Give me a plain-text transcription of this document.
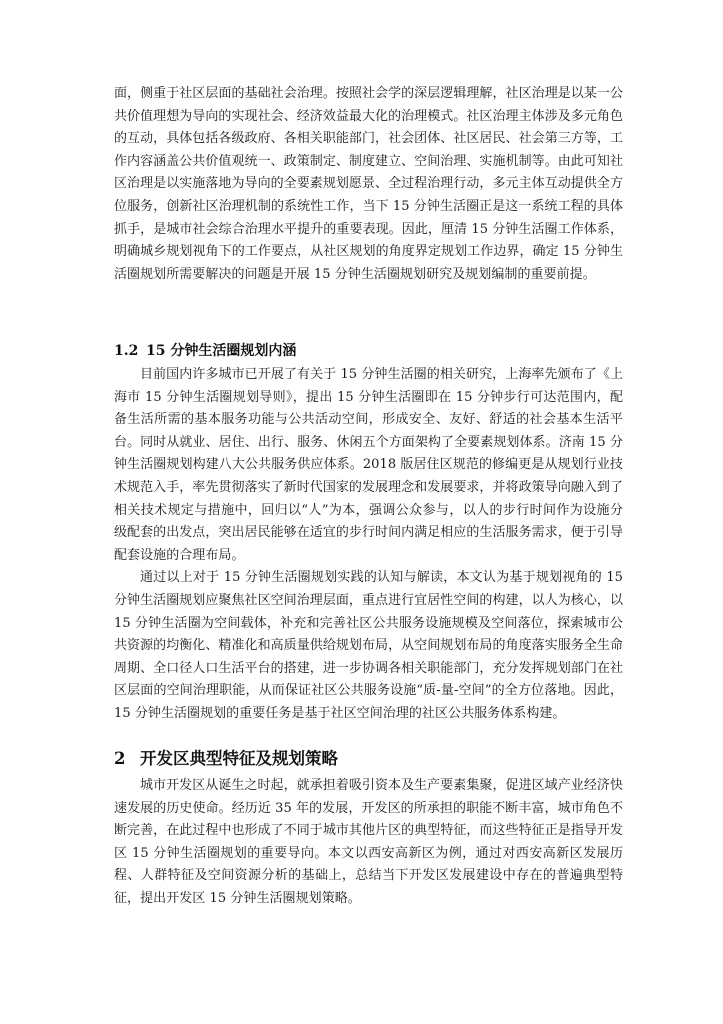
面，侧重于社区层面的基础社会治理。按照社会学的深层逻辑理解，社区治理是以某一公共价值理想为导向的实现社会、经济效益最大化的治理模式。社区治理主体涉及多元角色的互动，具体包括各级政府、各相关职能部门，社会团体、社区居民、社会第三方等，工作内容涵盖公共价值观统一、政策制定、制度建立、空间治理、实施机制等。由此可知社区治理是以实施落地为导向的全要素规划愿景、全过程治理行动，多元主体互动提供全方位服务，创新社区治理机制的系统性工作，当下 15 分钟生活圈正是这一系统工程的具体抓手，是城市社会综合治理水平提升的重要表现。因此，厘清 15 分钟生活圈工作体系，明确城乡规划视角下的工作要点，从社区规划的角度界定规划工作边界，确定 15 分钟生活圈规划所需要解决的问题是开展 15 分钟生活圈规划研究及规划编制的重要前提。

1.2 15 分钟生活圈规划内涵

目前国内许多城市已开展了有关于 15 分钟生活圈的相关研究，上海率先颁布了《上海市 15 分钟生活圈规划导则》，提出 15 分钟生活圈即在 15 分钟步行可达范围内，配备生活所需的基本服务功能与公共活动空间，形成安全、友好、舒适的社会基本生活平台。同时从就业、居住、出行、服务、休闲五个方面架构了全要素规划体系。济南 15 分钟生活圈规划构建八大公共服务供应体系。2018 版居住区规范的修编更是从规划行业技术规范入手，率先贯彻落实了新时代国家的发展理念和发展要求，并将政策导向融入到了相关技术规定与措施中，回归以“人”为本，强调公众参与，以人的步行时间作为设施分级配套的出发点，突出居民能够在适宜的步行时间内满足相应的生活服务需求，便于引导配套设施的合理布局。

通过以上对于 15 分钟生活圈规划实践的认知与解读，本文认为基于规划视角的 15 分钟生活圈规划应聚焦社区空间治理层面，重点进行宜居性空间的构建，以人为核心，以 15 分钟生活圈为空间载体，补充和完善社区公共服务设施规模及空间落位，探索城市公共资源的均衡化、精准化和高质量供给规划布局，从空间规划布局的角度落实服务全生命周期、全口径人口生活平台的搭建，进一步协调各相关职能部门，充分发挥规划部门在社区层面的空间治理职能，从而保证社区公共服务设施“质-量-空间”的全方位落地。因此，15 分钟生活圈规划的重要任务是基于社区空间治理的社区公共服务体系构建。

2 开发区典型特征及规划策略

城市开发区从诞生之时起，就承担着吸引资本及生产要素集聚，促进区域产业经济快速发展的历史使命。经历近 35 年的发展，开发区的所承担的职能不断丰富，城市角色不断完善，在此过程中也形成了不同于城市其他片区的典型特征，而这些特征正是指导开发区 15 分钟生活圈规划的重要导向。本文以西安高新区为例，通过对西安高新区发展历程、人群特征及空间资源分析的基础上，总结当下开发区发展建设中存在的普遍典型特征，提出开发区 15 分钟生活圈规划策略。
